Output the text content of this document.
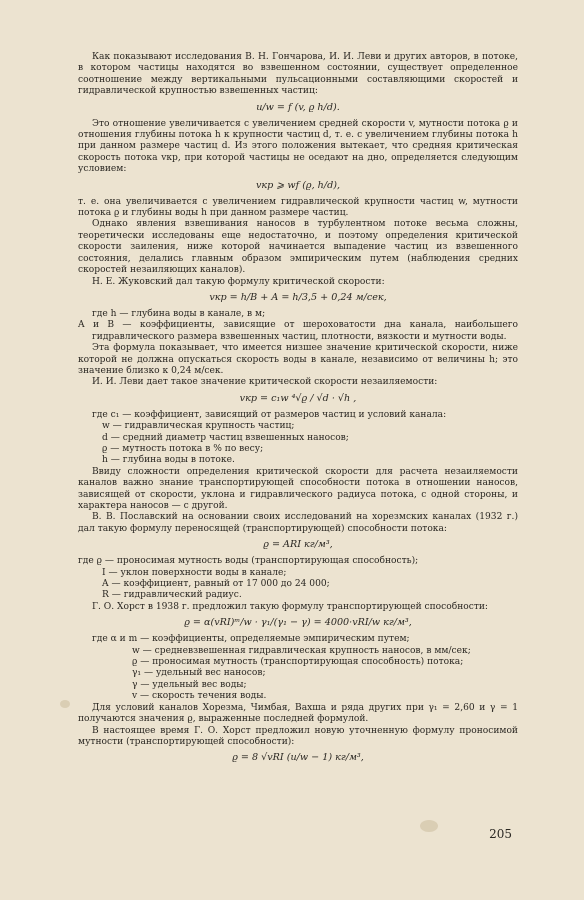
Как показывают исследования В. Н. Гончарова, И. И. Леви и других авторов, в потоке, в котором частицы находятся во взвешенном состоянии, существует определенное соотношение между вертикальными пульсационными составляющими скоростей и гидравлической крупностью взвешенных частиц:

u/w = f (v, ϱ h/d).

Это отношение увеличивается с увеличением средней скорости v, мутности потока ϱ и отношения глубины потока h к крупности частиц d, т. е. с увеличением глубины потока h при данном размере частиц d. Из этого положения вытекает, что средняя критическая скорость потока vкр, при которой частицы не оседают на дно, определяется следующим условием:

vкр ⩾ wf (ϱ, h/d),

т. е. она увеличивается с увеличением гидравлической крупности частиц w, мутности потока ϱ и глубины воды h при данном размере частиц.

Однако явления взвешивания наносов в турбулентном потоке весьма сложны, теоретически исследованы еще недостаточно, и поэтому определения критической скорости заиления, ниже которой начинается выпадение частиц из взвешенного состояния, делались главным образом эмпирическим путем (наблюдения средних скоростей незаиляющих каналов).

Н. Е. Жуковский дал такую формулу критической скорости:

vкр = h/B + A = h/3,5 + 0,24 м/сек,

где h — глубина воды в канале, в м;

A и B — коэффициенты, зависящие от шероховатости дна канала, наибольшего гидравлического размера взвешенных частиц, плотности, вязкости и мутности воды.

Эта формула показывает, что имеется низшее значение критической скорости, ниже которой не должна опускаться скорость воды в канале, независимо от величины h; это значение близко к 0,24 м/сек.

И. И. Леви дает такое значение критической скорости незаиляемости:

vкр = c₁w ⁴√ϱ / √d · √h ,

где c₁ — коэффициент, зависящий от размеров частиц и условий канала:

w — гидравлическая крупность частиц;

d — средний диаметр частиц взвешенных наносов;

ϱ — мутность потока в % по весу;

h — глубина воды в потоке.

Ввиду сложности определения критической скорости для расчета незаиляемости каналов важно знание транспортирующей способности потока в отношении наносов, зависящей от скорости, уклона и гидравлического радиуса потока, с одной стороны, и характера наносов — с другой.

В. В. Пославский на основании своих исследований на хорезмских каналах (1932 г.) дал такую формулу переносящей (транспортирующей) способности потока:

ϱ = ARI кг/м³,

где ϱ — проносимая мутность воды (транспортирующая способность);

I — уклон поверхности воды в канале;

A — коэффициент, равный от 17 000 до 24 000;

R — гидравлический радиус.

Г. О. Хорст в 1938 г. предложил такую формулу транспортирующей способности:

ϱ = α(vRI)ᵐ/w · γ₁/(γ₁ − γ) = 4000·vRI/w кг/м³,

где α и m — коэффициенты, определяемые эмпирическим путем;

w — средневзвешенная гидравлическая крупность наносов, в мм/сек;

ϱ — проносимая мутность (транспортирующая способность) потока;

γ₁ — удельный вес наносов;

γ — удельный вес воды;

v — скорость течения воды.

Для условий каналов Хорезма, Чимбая, Вахша и ряда других при γ₁ = 2,60 и γ = 1 получаются значения ϱ, выраженные последней формулой.

В настоящее время Г. О. Хорст предложил новую уточненную формулу проносимой мутности (транспортирующей способности):

ϱ = 8 √vRI (u/w − 1) кг/м³,

205
